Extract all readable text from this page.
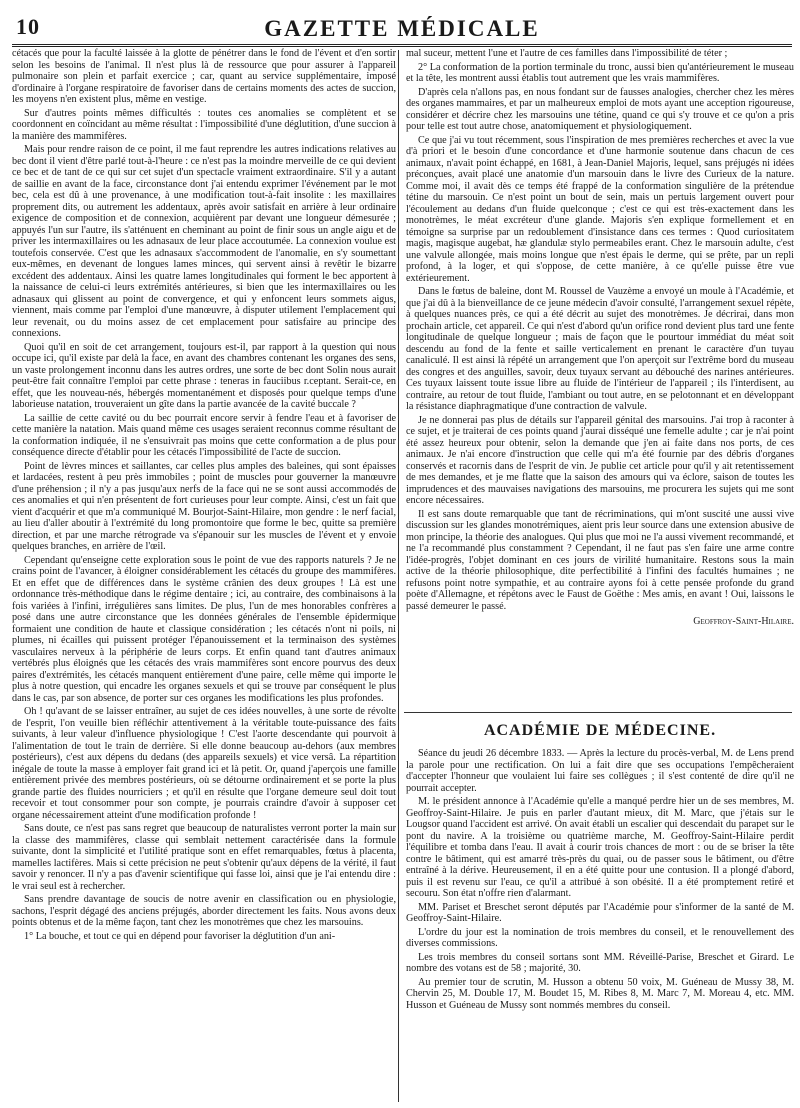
10	GAZETTE MÉDICALE

cétacés que pour la faculté laissée à la glotte de pénétrer dans le fond de l'évent et d'en sortir selon les besoins de l'animal. Il n'est plus là de ressource que pour assurer à l'appareil pulmonaire son plein et parfait exercice ; car, quant au service supplémentaire, imposé d'ordinaire à l'organe respiratoire de favoriser dans de certains moments des actes de succion, les moyens n'en existent plus, même en vestige.

Sur d'autres points mêmes difficultés : toutes ces anomalies se complètent et se coordonnent en coïncidant au même résultat : l'impossibilité d'une déglutition, d'une succion à la manière des mammifères.

Mais pour rendre raison de ce point, il me faut reprendre les autres indications relatives au bec dont il vient d'être parlé tout-à-l'heure : ce n'est pas la moindre merveille de ce qui devient ce bec et de tant de ce qui sur cet sujet d'un spectacle vraiment extraordinaire. S'il y a autant de saillie en avant de la face, circonstance dont j'ai entendu exprimer l'événement par le mot bec, cela est dû à une provenance, à une modification tout-à-fait insolite : les maxillaires proprement dits, ou autrement les addentaux, après avoir satisfait en arrière à leur ordinaire exigence de composition et de connexion, acquièrent par devant une longueur démesurée ; appuyés l'un sur l'autre, ils s'atténuent en cheminant au point de finir sous un angle aigu et de priver les intermaxillaires ou les adnasaux de leur place accoutumée. La connexion voulue est toutefois conservée. C'est que les adnasaux s'accommodent de l'anomalie, en s'y soumettant eux-mêmes, en devenant de longues lames minces, qui servent ainsi à revêtir le bizarre excédent des addentaux. Ainsi les quatre lames longitudinales qui forment le bec apportent à la naissance de celui-ci leurs extrémités antérieures, si bien que les intermaxillaires ou les adnasaux qui glissent au point de convergence, et qui y enfoncent leurs sommets aigus, viennent, mais comme par l'emploi d'une manœuvre, à disputer utilement l'emplacement qui leur revenait, ou du moins assez de cet emplacement pour satisfaire au principe des connexions.

Quoi qu'il en soit de cet arrangement, toujours est-il, par rapport à la question qui nous occupe ici, qu'il existe par delà la face, en avant des chambres contenant les organes des sens, un vaste prolongement inconnu dans les autres ordres, une sorte de bec dont Solin nous aurait peut-être fait connaître l'emploi par cette phrase : teneras in fauciibus r.ceptant. Serait-ce, en effet, que les nouveau-nés, hébergés momentanément et disposés pour quelque temps d'une laborieuse natation, trouveraient un gîte dans la partie avancée de la cavité buccale ?

La saillie de cette cavité ou du bec pourrait encore servir à fendre l'eau et à favoriser de cette manière la natation. Mais quand même ces usages seraient reconnus comme résultant de la conformation indiquée, il ne s'ensuivrait pas moins que cette conformation a de plus pour conséquence directe d'établir pour les cétacés l'impossibilité de l'acte de succion.

Point de lèvres minces et saillantes, car celles plus amples des baleines, qui sont épaisses et lardacées, restent à peu près immobiles ; point de muscles pour gouverner la manœuvre d'une préhension ; il n'y a pas jusqu'aux nerfs de la face qui ne se sont aussi accommodés de ces anomalies et qui n'en présentent de fort curieuses pour leur compte. Ainsi, c'est un fait que vient d'acquérir et que m'a communiqué M. Bourjot-Saint-Hilaire, mon gendre : le nerf facial, au lieu d'aller aboutir à l'extrémité du long promontoire que forme le bec, quitte sa première direction, et par une marche rétrograde va s'épanouir sur les muscles de l'évent et y envoie quelques branches, en arrière de l'œil.

Cependant qu'enseigne cette exploration sous le point de vue des rapports naturels ? Je ne crains point de l'avancer, à éloigner considérablement les cétacés du groupe des mammifères. Et en effet que de différences dans le système crânien des deux groupes ! Là est une ordonnance très-méthodique dans le régime dentaire ; ici, au contraire, des combinaisons à la fois variées à l'infini, irrégulières sans limites. De plus, l'un de mes honorables confrères a posé dans une autre circonstance que les données générales de l'ensemble épidermique formaient une condition de haute et classique considération ; les cétacés n'ont ni poils, ni plumes, ni écailles qui puissent protéger l'épanouissement et la terminaison des systèmes vasculaires nerveux à la périphérie de leurs corps. Et enfin quand tant d'autres animaux vertébrés plus éloignés que les cétacés des vrais mammifères sont encore pourvus des deux paires d'extrémités, les cétacés manquent entièrement d'une paire, celle même qui importe le plus à notre question, qui encadre les organes sexuels et qui se trouve par conséquent le plus dans le cas, par son absence, de porter sur ces organes les modifications les plus profondes.

Oh ! qu'avant de se laisser entraîner, au sujet de ces idées nouvelles, à une sorte de révolte de l'esprit, l'on veuille bien réfléchir attentivement à la véritable toute-puissance des faits suivants, à leur valeur d'influence physiologique ! C'est l'aorte descendante qui pourvoit à l'alimentation de tout le train de derrière. Si elle donne beaucoup au-dehors (aux membres postérieurs), c'est aux dépens du dedans (des appareils sexuels) et vice versâ. La répartition inégale de toute la masse à employer fait grand ici et là petit. Or, quand j'aperçois une famille entièrement privée des membres postérieurs, où se détourne ordinairement et se porte la plus grande partie des fluides nourriciers ; et qu'il en résulte que l'organe demeure seul doit tout recevoir et tout consommer pour son compte, je pourrais craindre d'avoir à supposer cet organe nécessairement atteint d'une modification profonde !

Sans doute, ce n'est pas sans regret que beaucoup de naturalistes verront porter la main sur la classe des mammifères, classe qui semblait nettement caractérisée dans la formule suivante, dont la simplicité et l'utilité pratique sont en effet remarquables, fœtus à placenta, mamelles lactifères. Mais si cette précision ne peut s'obtenir qu'aux dépens de la vérité, il faut savoir y renoncer. Il n'y a pas d'avenir scientifique qui fasse loi, ainsi que je l'ai entendu dire : le vrai seul est à rechercher.

Sans prendre davantage de soucis de notre avenir en classification ou en physiologie, sachons, l'esprit dégagé des anciens préjugés, aborder directement les faits. Nous avons deux points obtenus et de la même façon, tant chez les monotrèmes que chez les marsouins.

1° La bouche, et tout ce qui en dépend pour favoriser la déglutition d'un ani-

mal suceur, mettent l'une et l'autre de ces familles dans l'impossibilité de téter ;

2° La conformation de la portion terminale du tronc, aussi bien qu'antérieurement le museau et la tête, les montrent aussi établis tout autrement que les vrais mammifères.

D'après cela n'allons pas, en nous fondant sur de fausses analogies, chercher chez les mères des organes mammaires, et par un malheureux emploi de mots ayant une acception rigoureuse, considérer et décrire chez les marsouins une tétine, quand ce qui s'y trouve et ce qu'on a pris pour telle est tout autre chose, anatomiquement et physiologiquement.

Ce que j'ai vu tout récemment, sous l'inspiration de mes premières recherches et avec la vue d'à priori et le besoin d'une concordance et d'une harmonie soutenue dans chacun de ces animaux, n'avait point échappé, en 1681, à Jean-Daniel Majoris, lequel, sans préjugés ni idées préconçues, avait placé une anatomie d'un marsouin dans le livre des Curieux de la nature. Comme moi, il avait dès ce temps été frappé de la conformation singulière de la prétendue tétine du marsouin. Ce n'est point un bout de sein, mais un pertuis largement ouvert pour l'écoulement au dedans d'un fluide quelconque ; c'est ce qui est très-exactement dans les monotrèmes, le méat excréteur d'une glande. Majoris s'en explique formellement et en témoigne sa surprise par un redoublement d'insistance dans ces termes : Quod curiositatem magis, magisque augebat, hæ glandulæ stylo permeabiles erant. Chez le marsouin adulte, c'est une valvule allongée, mais moins longue que n'est épais le derme, qui se prête, par un repli profond, à la loger, et qui s'oppose, de cette manière, à ce qu'elle puisse être vue extérieurement.

Dans le fœtus de baleine, dont M. Roussel de Vauzème a envoyé un moule à l'Académie, et que j'ai dû à la bienveillance de ce jeune médecin d'avoir consulté, l'arrangement sexuel répète, à quelques nuances près, ce qui a été décrit au sujet des monotrèmes. Je décrirai, dans mon prochain article, cet appareil. Ce qui n'est d'abord qu'un orifice rond devient plus tard une fente longitudinale de quelque longueur ; mais de façon que le pourtour immédiat du méat soit descendu au fond de la fente et saille verticalement en prenant le caractère d'un tuyau canaliculé. Il est ainsi là répété un arrangement que l'on aperçoit sur l'extrême bord du museau des congres et des anguilles, savoir, deux tuyaux servant au débouché des narines antérieures. Ces tuyaux laissent toute issue libre au fluide de l'intérieur de l'appareil ; ils l'interdisent, au contraire, au retour de tout fluide, l'ambiant ou tout autre, en se pelotonnant et en développant la résistance diaphragmatique d'une contraction de valvule.

Je ne donnerai pas plus de détails sur l'appareil génital des marsouins. J'ai trop à raconter à ce sujet, et je traiterai de ces points quand j'aurai disséqué une femelle adulte ; car je n'ai point été assez heureux pour obtenir, selon la demande que j'en ai faite dans nos ports, de ces animaux. Je n'ai encore d'instruction que celle qui m'a été fournie par des débris d'organes conservés et racornis dans de l'esprit de vin. Je publie cet article pour qu'il y ait retentissement de mes demandes, et je me flatte que la saison des amours qui va éclore, saison de toutes les imprudences et des mauvaises navigations des marsouins, me procurera les sujets qui me sont encore nécessaires.

Il est sans doute remarquable que tant de récriminations, qui m'ont suscité une aussi vive discussion sur les glandes monotrémiques, aient pris leur source dans une extension abusive de mon principe, la théorie des analogues. Qui plus que moi ne l'a aussi vivement recommandé, et ne l'a recommandé plus constamment ? Cependant, il ne faut pas s'en faire une arme contre l'idée-progrès, l'objet dominant en ces jours de virilité humanitaire. Restons sous la main active de la théorie philosophique, dite perfectibilité à l'infini des facultés humaines ; ne refusons point notre sympathie, et au contraire ayons foi à cette pensée profonde du grand poète d'Allemagne, et répétons avec le Faust de Goëthe : Mes amis, en avant ! Oui, laissons le passé demeurer le passé.

Geoffroy-Saint-Hilaire.
ACADÉMIE DE MÉDECINE.

Séance du jeudi 26 décembre 1833. — Après la lecture du procès-verbal, M. de Lens prend la parole pour une rectification. On lui a fait dire que ses occupations l'empêcheraient d'accepter l'honneur que voulaient lui faire ses collègues ; il s'est contenté de dire qu'il ne pourrait accepter.

M. le président annonce à l'Académie qu'elle a manqué perdre hier un de ses membres, M. Geoffroy-Saint-Hilaire. Je puis en parler d'autant mieux, dit M. Marc, que j'étais sur le Lougsor quand l'accident est arrivé. On avait établi un escalier qui descendait du parapet sur le pont du navire. A la troisième ou quatrième marche, M. Geoffroy-Saint-Hilaire perdit l'équilibre et tomba dans l'eau. Il avait à courir trois chances de mort : ou de se briser la tête contre le bâtiment, qui est amarré très-près du quai, ou de passer sous le bâtiment, ou d'être entraîné à la dérive. Heureusement, il en a été quitte pour une contusion. Il a plongé d'abord, puis il est revenu sur l'eau, ce qu'il a attribué à son obésité. Il a été promptement retiré et secouru. Son état n'offre rien d'alarmant.

MM. Pariset et Breschet seront députés par l'Académie pour s'informer de la santé de M. Geoffroy-Saint-Hilaire.

L'ordre du jour est la nomination de trois membres du conseil, et le renouvellement des diverses commissions.

Les trois membres du conseil sortans sont MM. Réveillé-Parise, Breschet et Girard. Le nombre des votans est de 58 ; majorité, 30.

Au premier tour de scrutin, M. Husson a obtenu 50 voix, M. Guéneau de Mussy 38, M. Chervin 25, M. Double 17, M. Boudet 15, M. Ribes 8, M. Marc 7, M. Moreau 4, etc. MM. Husson et Guéneau de Mussy sont nommés membres du conseil.
